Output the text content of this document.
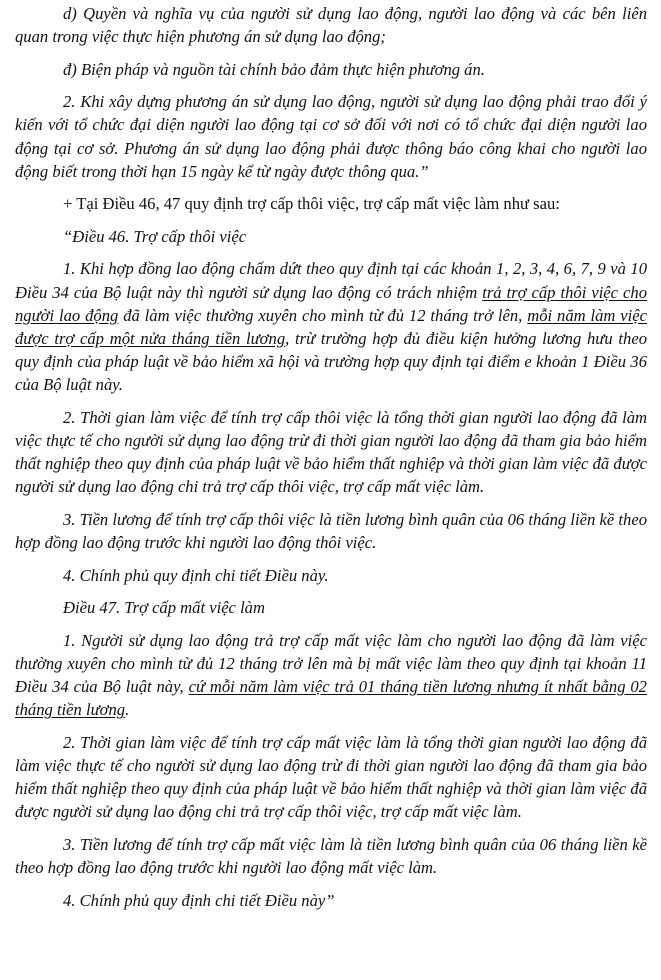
d) Quyền và nghĩa vụ của người sử dụng lao động, người lao động và các bên liên quan trong việc thực hiện phương án sử dụng lao động;

đ) Biện pháp và nguồn tài chính bảo đảm thực hiện phương án.

2. Khi xây dựng phương án sử dụng lao động, người sử dụng lao động phải trao đổi ý kiến với tổ chức đại diện người lao động tại cơ sở đối với nơi có tổ chức đại diện người lao động tại cơ sở. Phương án sử dụng lao động phải được thông báo công khai cho người lao động biết trong thời hạn 15 ngày kể từ ngày được thông qua.”

+ Tại Điều 46, 47 quy định trợ cấp thôi việc, trợ cấp mất việc làm như sau:

“Điều 46. Trợ cấp thôi việc

1. Khi hợp đồng lao động chấm dứt theo quy định tại các khoản 1, 2, 3, 4, 6, 7, 9 và 10 Điều 34 của Bộ luật này thì người sử dụng lao động có trách nhiệm trả trợ cấp thôi việc cho người lao động đã làm việc thường xuyên cho mình từ đủ 12 tháng trở lên, mỗi năm làm việc được trợ cấp một nửa tháng tiền lương, trừ trường hợp đủ điều kiện hưởng lương hưu theo quy định của pháp luật về bảo hiểm xã hội và trường hợp quy định tại điểm e khoản 1 Điều 36 của Bộ luật này.

2. Thời gian làm việc để tính trợ cấp thôi việc là tổng thời gian người lao động đã làm việc thực tế cho người sử dụng lao động trừ đi thời gian người lao động đã tham gia bảo hiểm thất nghiệp theo quy định của pháp luật về bảo hiểm thất nghiệp và thời gian làm việc đã được người sử dụng lao động chi trả trợ cấp thôi việc, trợ cấp mất việc làm.

3. Tiền lương để tính trợ cấp thôi việc là tiền lương bình quân của 06 tháng liền kề theo hợp đồng lao động trước khi người lao động thôi việc.

4. Chính phủ quy định chi tiết Điều này.

Điều 47. Trợ cấp mất việc làm

1. Người sử dụng lao động trả trợ cấp mất việc làm cho người lao động đã làm việc thường xuyên cho mình từ đủ 12 tháng trở lên mà bị mất việc làm theo quy định tại khoản 11 Điều 34 của Bộ luật này, cứ mỗi năm làm việc trả 01 tháng tiền lương nhưng ít nhất bằng 02 tháng tiền lương.

2. Thời gian làm việc để tính trợ cấp mất việc làm là tổng thời gian người lao động đã làm việc thực tế cho người sử dụng lao động trừ đi thời gian người lao động đã tham gia bảo hiểm thất nghiệp theo quy định của pháp luật về bảo hiểm thất nghiệp và thời gian làm việc đã được người sử dụng lao động chi trả trợ cấp thôi việc, trợ cấp mất việc làm.

3. Tiền lương để tính trợ cấp mất việc làm là tiền lương bình quân của 06 tháng liền kề theo hợp đồng lao động trước khi người lao động mất việc làm.

4. Chính phủ quy định chi tiết Điều này”
